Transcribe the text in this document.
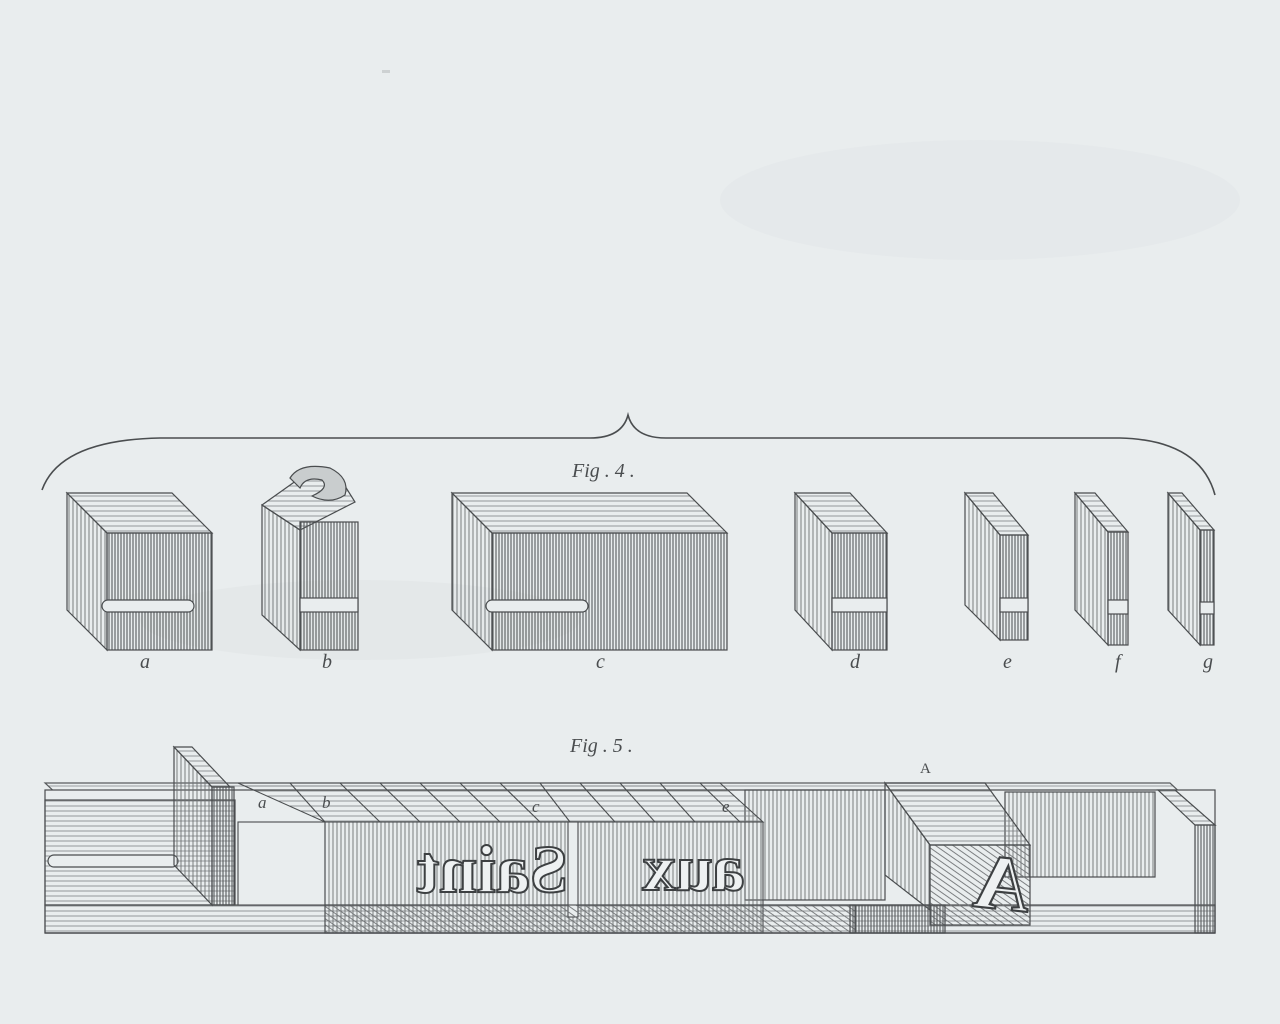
Fig . 4 .
a	b	c	d	e	f	g
Fig . 5 .
A
a	b	c	e
Saint aux	A
